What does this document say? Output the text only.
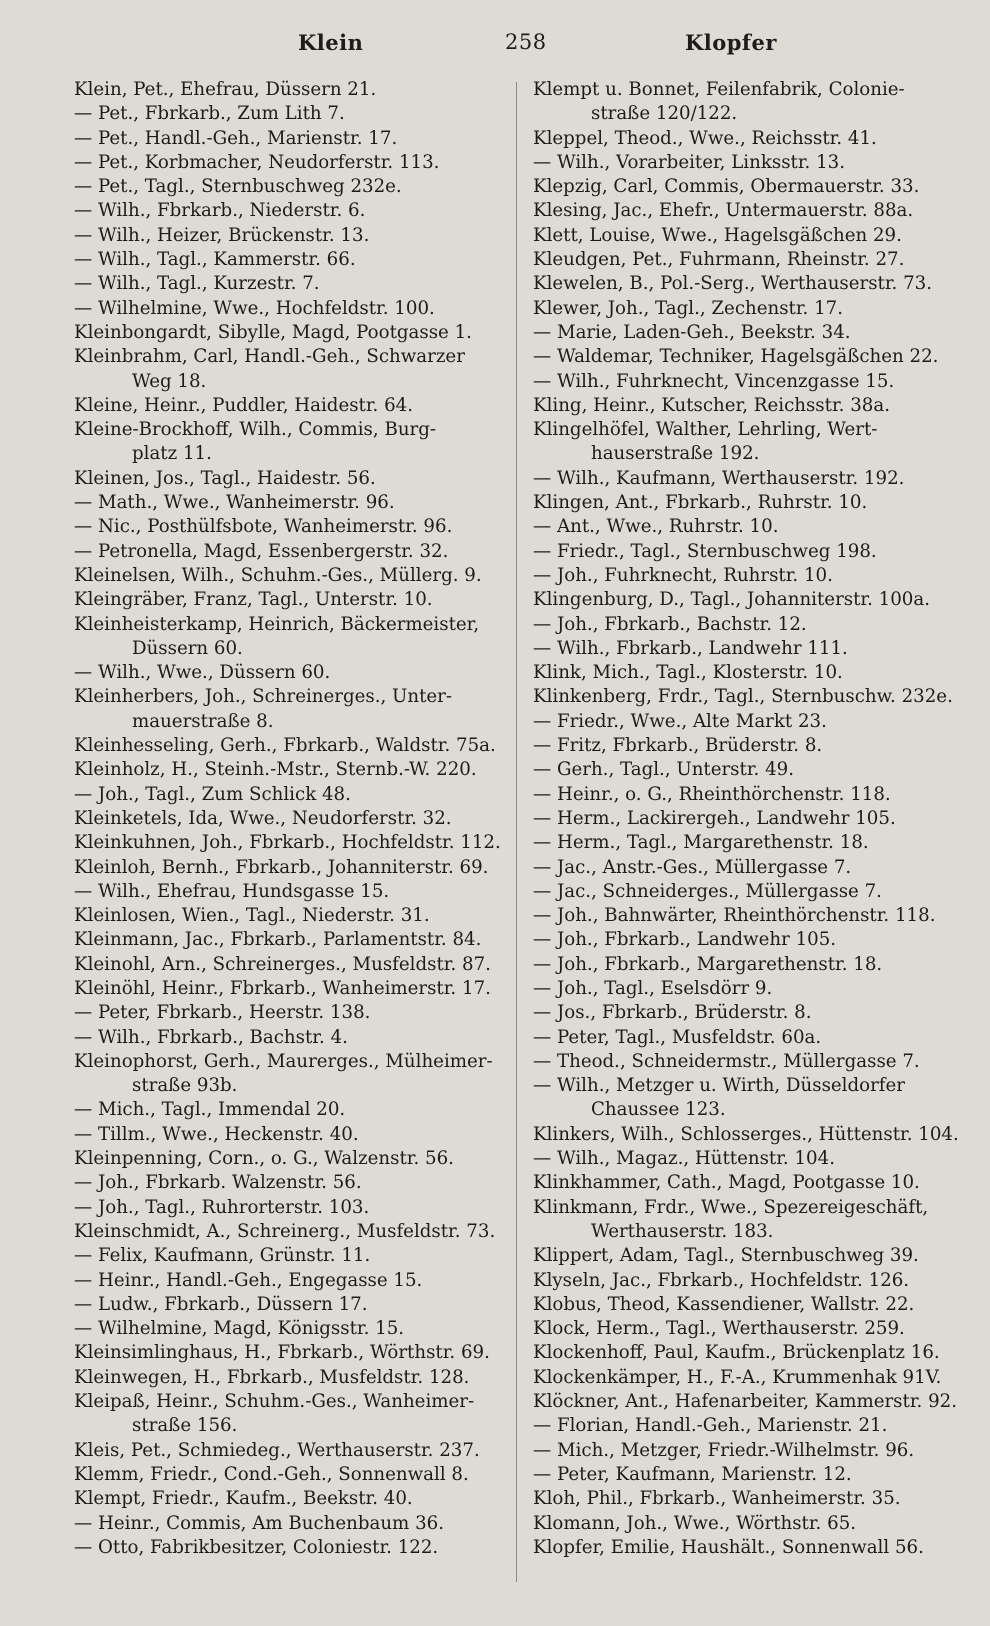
Klein	258	Klopfer
Klein, Pet., Ehefrau, Düssern 21.
— Pet., Fbrkarb., Zum Lith 7.
— Pet., Handl.-Geh., Marienstr. 17.
— Pet., Korbmacher, Neudorferstr. 113.
— Pet., Tagl., Sternbuschweg 232e.
— Wilh., Fbrkarb., Niederstr. 6.
— Wilh., Heizer, Brückenstr. 13.
— Wilh., Tagl., Kammerstr. 66.
— Wilh., Tagl., Kurzestr. 7.
— Wilhelmine, Wwe., Hochfeldstr. 100.
Kleinbongardt, Sibylle, Magd, Pootgasse 1.
Kleinbrahm, Carl, Handl.-Geh., Schwarzer
Weg 18.
Kleine, Heinr., Puddler, Haidestr. 64.
Kleine-Brockhoff, Wilh., Commis, Burg-
platz 11.
Kleinen, Jos., Tagl., Haidestr. 56.
— Math., Wwe., Wanheimerstr. 96.
— Nic., Posthülfsbote, Wanheimerstr. 96.
— Petronella, Magd, Essenbergerstr. 32.
Kleinelsen, Wilh., Schuhm.-Ges., Müllerg. 9.
Kleingräber, Franz, Tagl., Unterstr. 10.
Kleinheisterkamp, Heinrich, Bäckermeister,
Düssern 60.
— Wilh., Wwe., Düssern 60.
Kleinherbers, Joh., Schreinerges., Unter-
mauerstraße 8.
Kleinhesseling, Gerh., Fbrkarb., Waldstr. 75a.
Kleinholz, H., Steinh.-Mstr., Sternb.-W. 220.
— Joh., Tagl., Zum Schlick 48.
Kleinketels, Ida, Wwe., Neudorferstr. 32.
Kleinkuhnen, Joh., Fbrkarb., Hochfeldstr. 112.
Kleinloh, Bernh., Fbrkarb., Johanniterstr. 69.
— Wilh., Ehefrau, Hundsgasse 15.
Kleinlosen, Wien., Tagl., Niederstr. 31.
Kleinmann, Jac., Fbrkarb., Parlamentstr. 84.
Kleinohl, Arn., Schreinerges., Musfeldstr. 87.
Kleinöhl, Heinr., Fbrkarb., Wanheimerstr. 17.
— Peter, Fbrkarb., Heerstr. 138.
— Wilh., Fbrkarb., Bachstr. 4.
Kleinophorst, Gerh., Maurerges., Mülheimer-
straße 93b.
— Mich., Tagl., Immendal 20.
— Tillm., Wwe., Heckenstr. 40.
Kleinpenning, Corn., o. G., Walzenstr. 56.
— Joh., Fbrkarb. Walzenstr. 56.
— Joh., Tagl., Ruhrorterstr. 103.
Kleinschmidt, A., Schreinerg., Musfeldstr. 73.
— Felix, Kaufmann, Grünstr. 11.
— Heinr., Handl.-Geh., Engegasse 15.
— Ludw., Fbrkarb., Düssern 17.
— Wilhelmine, Magd, Königsstr. 15.
Kleinsimlinghaus, H., Fbrkarb., Wörthstr. 69.
Kleinwegen, H., Fbrkarb., Musfeldstr. 128.
Kleipaß, Heinr., Schuhm.-Ges., Wanheimer-
straße 156.
Kleis, Pet., Schmiedeg., Werthauserstr. 237.
Klemm, Friedr., Cond.-Geh., Sonnenwall 8.
Klempt, Friedr., Kaufm., Beekstr. 40.
— Heinr., Commis, Am Buchenbaum 36.
— Otto, Fabrikbesitzer, Coloniestr. 122.
Klempt u. Bonnet, Feilenfabrik, Colonie-
straße 120/122.
Kleppel, Theod., Wwe., Reichsstr. 41.
— Wilh., Vorarbeiter, Linksstr. 13.
Klepzig, Carl, Commis, Obermauerstr. 33.
Klesing, Jac., Ehefr., Untermauerstr. 88a.
Klett, Louise, Wwe., Hagelsgäßchen 29.
Kleudgen, Pet., Fuhrmann, Rheinstr. 27.
Klewelen, B., Pol.-Serg., Werthauserstr. 73.
Klewer, Joh., Tagl., Zechenstr. 17.
— Marie, Laden-Geh., Beekstr. 34.
— Waldemar, Techniker, Hagelsgäßchen 22.
— Wilh., Fuhrknecht, Vincenzgasse 15.
Kling, Heinr., Kutscher, Reichsstr. 38a.
Klingelhöfel, Walther, Lehrling, Wert-
hauserstraße 192.
— Wilh., Kaufmann, Werthauserstr. 192.
Klingen, Ant., Fbrkarb., Ruhrstr. 10.
— Ant., Wwe., Ruhrstr. 10.
— Friedr., Tagl., Sternbuschweg 198.
— Joh., Fuhrknecht, Ruhrstr. 10.
Klingenburg, D., Tagl., Johanniterstr. 100a.
— Joh., Fbrkarb., Bachstr. 12.
— Wilh., Fbrkarb., Landwehr 111.
Klink, Mich., Tagl., Klosterstr. 10.
Klinkenberg, Frdr., Tagl., Sternbuschw. 232e.
— Friedr., Wwe., Alte Markt 23.
— Fritz, Fbrkarb., Brüderstr. 8.
— Gerh., Tagl., Unterstr. 49.
— Heinr., o. G., Rheinthörchenstr. 118.
— Herm., Lackirergeh., Landwehr 105.
— Herm., Tagl., Margarethenstr. 18.
— Jac., Anstr.-Ges., Müllergasse 7.
— Jac., Schneiderges., Müllergasse 7.
— Joh., Bahnwärter, Rheinthörchenstr. 118.
— Joh., Fbrkarb., Landwehr 105.
— Joh., Fbrkarb., Margarethenstr. 18.
— Joh., Tagl., Eselsdörr 9.
— Jos., Fbrkarb., Brüderstr. 8.
— Peter, Tagl., Musfeldstr. 60a.
— Theod., Schneidermstr., Müllergasse 7.
— Wilh., Metzger u. Wirth, Düsseldorfer
Chaussee 123.
Klinkers, Wilh., Schlosserges., Hüttenstr. 104.
— Wilh., Magaz., Hüttenstr. 104.
Klinkhammer, Cath., Magd, Pootgasse 10.
Klinkmann, Frdr., Wwe., Spezereigeschäft,
Werthauserstr. 183.
Klippert, Adam, Tagl., Sternbuschweg 39.
Klyseln, Jac., Fbrkarb., Hochfeldstr. 126.
Klobus, Theod, Kassendiener, Wallstr. 22.
Klock, Herm., Tagl., Werthauserstr. 259.
Klockenhoff, Paul, Kaufm., Brückenplatz 16.
Klockenkämper, H., F.-A., Krummenhak 91V.
Klöckner, Ant., Hafenarbeiter, Kammerstr. 92.
— Florian, Handl.-Geh., Marienstr. 21.
— Mich., Metzger, Friedr.-Wilhelmstr. 96.
— Peter, Kaufmann, Marienstr. 12.
Kloh, Phil., Fbrkarb., Wanheimerstr. 35.
Klomann, Joh., Wwe., Wörthstr. 65.
Klopfer, Emilie, Haushält., Sonnenwall 56.
